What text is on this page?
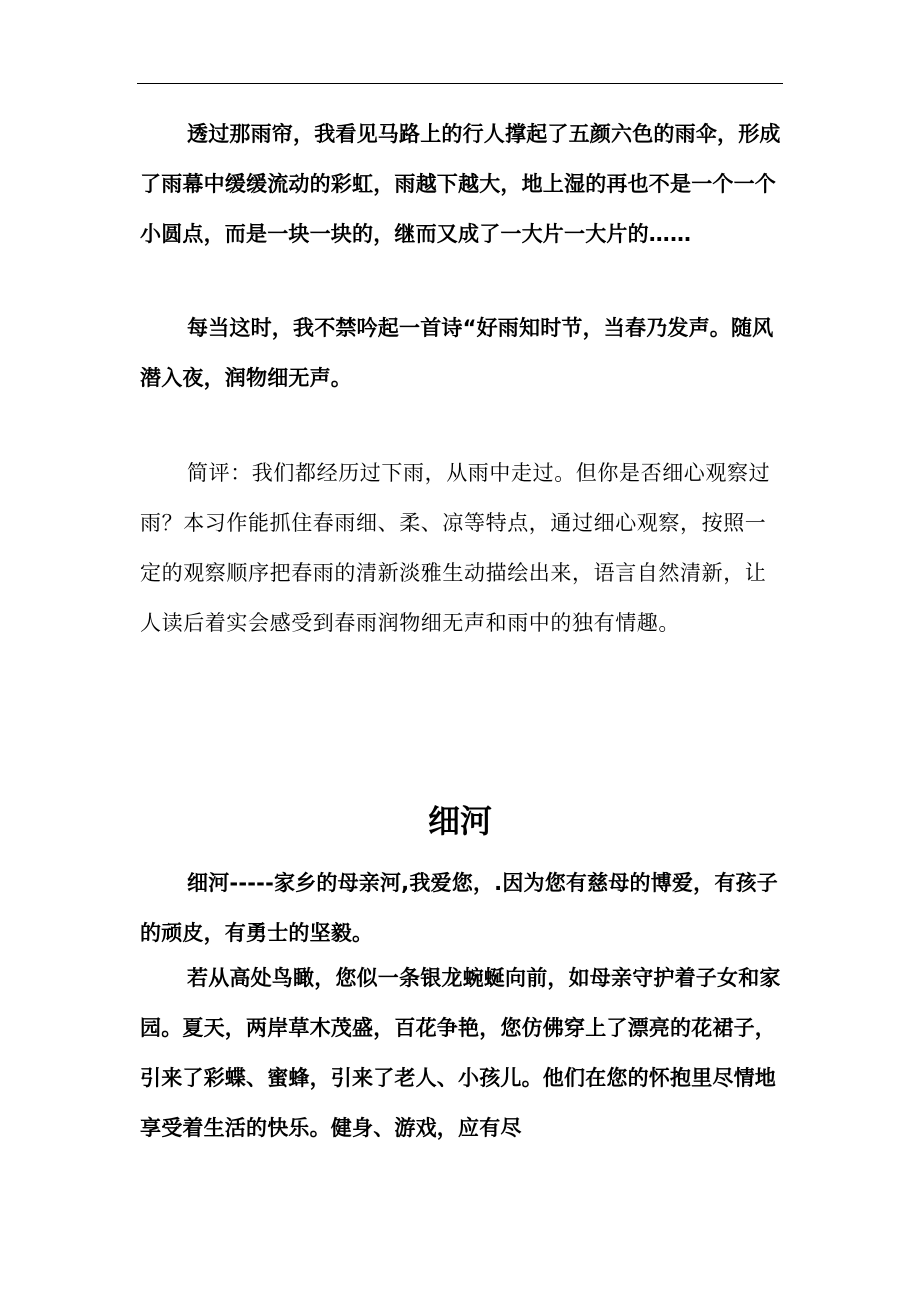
透过那雨帘，我看见马路上的行人撑起了五颜六色的雨伞，形成了雨幕中缓缓流动的彩虹，雨越下越大，地上湿的再也不是一个一个小圆点，而是一块一块的，继而又成了一大片一大片的……

每当这时，我不禁吟起一首诗“好雨知时节，当春乃发声。随风潜入夜，润物细无声。

简评：我们都经历过下雨，从雨中走过。但你是否细心观察过雨？本习作能抓住春雨细、柔、凉等特点，通过细心观察，按照一定的观察顺序把春雨的清新淡雅生动描绘出来，语言自然清新，让人读后着实会感受到春雨润物细无声和雨中的独有情趣。

细河

细河-----家乡的母亲河,我爱您，.因为您有慈母的博爱，有孩子的顽皮，有勇士的坚毅。

若从高处鸟瞰，您似一条银龙蜿蜒向前，如母亲守护着子女和家园。夏天，两岸草木茂盛，百花争艳，您仿佛穿上了漂亮的花裙子，引来了彩蝶、蜜蜂，引来了老人、小孩儿。他们在您的怀抱里尽情地享受着生活的快乐。健身、游戏，应有尽
